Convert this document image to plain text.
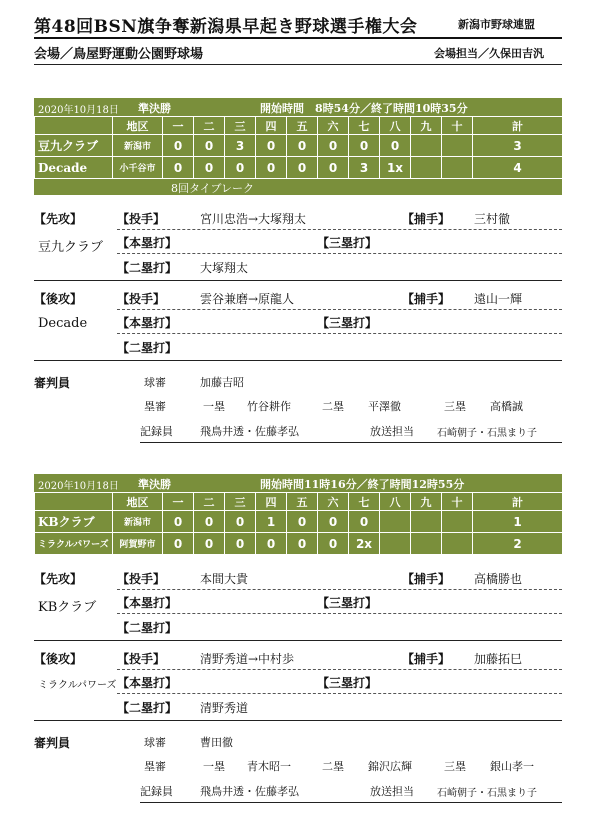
第48回BSN旗争奪新潟県早起き野球選手権大会	新潟市野球連盟
会場／鳥屋野運動公園野球場	会場担当／久保田吉汎
2020年10月18日 準決勝	開始時間　8時54分／終了時間10時35分
	地区	一	二	三	四	五	六	七	八	九	十	計
豆九クラブ	新潟市	0	0	3	0	0	0	0	0			3
Decade	小千谷市	0	0	0	0	0	0	3	1x			4
8回タイブレーク
【先攻】
豆九クラブ
【投手】	宮川忠浩→大塚翔太	【捕手】 三村徹
【本塁打】	【三塁打】
【二塁打】 大塚翔太
【後攻】
Decade
【投手】	雲谷兼磨→原龍人	【捕手】 遠山一輝
【本塁打】	【三塁打】
【二塁打】
審判員	球審	加藤吉昭
塁審	一塁 竹谷耕作	二塁 平澤徹	三塁 高橋誠
記録員 飛鳥井透・佐藤孝弘	放送担当 石崎朝子・石黒まり子
2020年10月18日 準決勝	開始時間11時16分／終了時間12時55分
	地区	一	二	三	四	五	六	七	八	九	十	計
KBクラブ	新潟市	0	0	0	1	0	0	0				1
ミラクルパワーズ	阿賀野市	0	0	0	0	0	0	2x				2
【先攻】
KBクラブ
【投手】	本間大貴	【捕手】 高橋勝也
【本塁打】	【三塁打】
【二塁打】
【後攻】
ミラクルパワーズ
【投手】	清野秀道→中村歩	【捕手】 加藤拓巳
【本塁打】	【三塁打】
【二塁打】 清野秀道
審判員	球審	曹田徹
塁審	一塁 青木昭一	二塁 錦沢広輝	三塁 銀山孝一
記録員 飛鳥井透・佐藤孝弘	放送担当 石崎朝子・石黒まり子
